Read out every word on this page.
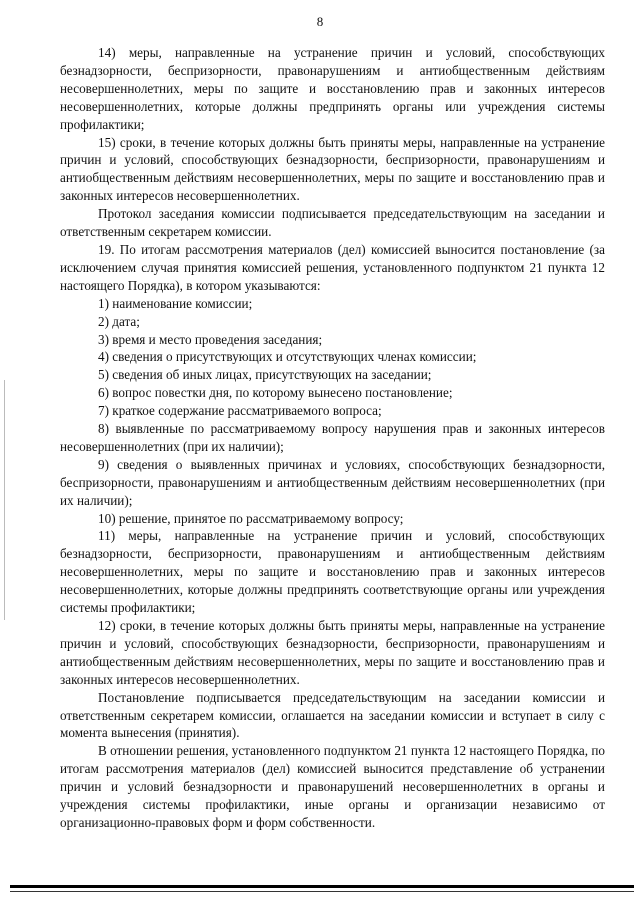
8

14) меры, направленные на устранение причин и условий, способствующих безнадзорности, беспризорности, правонарушениям и антиобщественным действиям несовершеннолетних, меры по защите и восстановлению прав и законных интересов несовершеннолетних, которые должны предпринять органы или учреждения системы профилактики;

15) сроки, в течение которых должны быть приняты меры, направленные на устранение причин и условий, способствующих безнадзорности, беспризорности, правонарушениям и антиобщественным действиям несовершеннолетних, меры по защите и восстановлению прав и законных интересов несовершеннолетних.

Протокол заседания комиссии подписывается председательствующим на заседании и ответственным секретарем комиссии.

19. По итогам рассмотрения материалов (дел) комиссией выносится постановление (за исключением случая принятия комиссией решения, установленного подпунктом 21 пункта 12 настоящего Порядка), в котором указываются:

1) наименование комиссии;

2) дата;

3) время и место проведения заседания;

4) сведения о присутствующих и отсутствующих членах комиссии;

5) сведения об иных лицах, присутствующих на заседании;

6) вопрос повестки дня, по которому вынесено постановление;

7) краткое содержание рассматриваемого вопроса;

8) выявленные по рассматриваемому вопросу нарушения прав и законных интересов несовершеннолетних (при их наличии);

9) сведения о выявленных причинах и условиях, способствующих безнадзорности, беспризорности, правонарушениям и антиобщественным действиям несовершеннолетних (при их наличии);

10) решение, принятое по рассматриваемому вопросу;

11) меры, направленные на устранение причин и условий, способствующих безнадзорности, беспризорности, правонарушениям и антиобщественным действиям несовершеннолетних, меры по защите и восстановлению прав и законных интересов несовершеннолетних, которые должны предпринять соответствующие органы или учреждения системы профилактики;

12) сроки, в течение которых должны быть приняты меры, направленные на устранение причин и условий, способствующих безнадзорности, беспризорности, правонарушениям и антиобщественным действиям несовершеннолетних, меры по защите и восстановлению прав и законных интересов несовершеннолетних.

Постановление подписывается председательствующим на заседании комиссии и ответственным секретарем комиссии, оглашается на заседании комиссии и вступает в силу с момента вынесения (принятия).

В отношении решения, установленного подпунктом 21 пункта 12 настоящего Порядка, по итогам рассмотрения материалов (дел) комиссией выносится представление об устранении причин и условий безнадзорности и правонарушений несовершеннолетних в органы и учреждения системы профилактики, иные органы и организации независимо от организационно-правовых форм и форм собственности.
